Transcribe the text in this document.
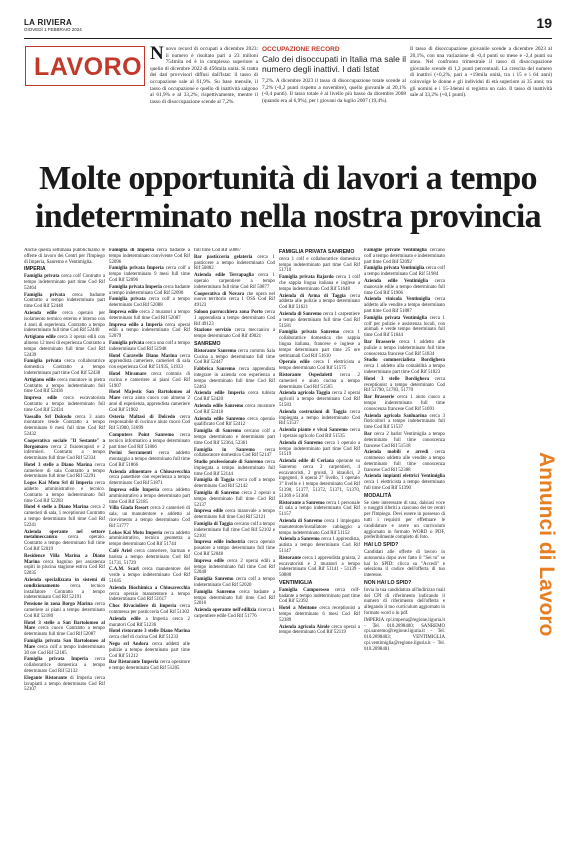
LA RIVIERA
GIOVEDÌ 1 FEBBRAIO 2024	19
LAVORO Nuovo record di occupati a dicembre 2023: il numero è risultato pari a 23 milioni 754mila ed è in complesso superiore a quello di dicembre 2022 di 456mila unità. Si tratta dei dati provvisori diffusi dall'Istat: il tasso di occupazione sale al 61,9%. Su base mensile, il tasso di occupazione e quello di inattività salgono al 61,9% e al 33,2%, rispettivamente, mentre il tasso di disoccupazione scende al 7,2%.
OCCUPAZIONE RECORD
Calo dei disoccupati in Italia ma sale il numero degli inattivi. I dati Istat
7,2%. A dicembre 2023 il tasso di disoccupazione totale scende al 7,2% (-0,2 punti rispetto a novembre), quello giovanile al 20,1% (-0,4 punti). Il tasso totale è al livello più basso da dicembre 2008 (quando era al 6,9%), per i giovani da luglio 2007 (19,4%).
Il tasso di disoccupazione giovanile scende a dicembre 2023 al 20,1%, con una variazione di -0,4 punti su mese e -2,4 punti su anno. Nel confronto trimestrale il tasso di disoccupazione giovanile scende di 1,2 punti percentuali. La crescita del numero di inattivi (+0,2%, pari a +19mila unità, tra i 15 e i 64 anni) coinvolge le donne e gli individui di età superiore ai 35 anni; tra gli uomini e i 15-34enni si registra un calo. Il tasso di inattività sale al 33,2% (+0,1 punti).
Molte opportunità di lavori a tempo indeterminato nella nostra provincia

Anche questa settimana pubblichiamo le offerte di lavoro dei Centri per l'Impiego di Imperia, Sanremo e Ventimiglia.

IMPERIA

Famiglia privata cerca colf Contratto a tempo indeterminato part time Cod Rif 52464

Famiglia privata cerca badante Contratto a tempo indeterminato part time Cod Rif 52448

Azienda edile cerca operaio per isolamento termico esterno e interno con 4 anni di esperienza. Contratto a tempo indeterminato full time Cod Rif 52440

Artigiano edile cerca 3 operai edili con almeno 12 mesi di esperienza Contratto a tempo determinato full time Cod Rif 52439

Famiglia privata cerca collaboratrice domestica Contratto a tempo indeterminato part time Cod Rif 52438

Artigiano edile cerca muratore in pietra Contratto a tempo indeterminato full time Cod Rif 52436

Impresa edile cerca escavatorista Contratto a tempo indeterminato full time Cod Rif 52434

Vassallo Srl Dolcedo cerca 3 aiuto montatore tende Contratto a tempo determinato 6 mesi full time Cod Rif 52432

Cooperativa sociale "Il Sestante" a Borgomaro cerca 2 fisioterapisti e 2 infermieri. Contratto a tempo determinato full time Cod Rif 52334

Hotel 3 stelle a Diano Marina cerca cameriere di sala Contratto a tempo determinato full time Cod Rif 52291

Logos Kai Motu Srl di Imperia cerca addetto amministrativo e tecnico. Contratto a tempo indeterminato full time Cod Rif 52283

Hotel 4 stelle a Diano Marina cerca 2 camerieri di sala, 1 receptionist Contratto a tempo determinato full time Cod Rif 52241

Azienda operante nel settore metalmeccanico cerca operaio. Contratto a tempo determinato full time Cod Rif 52019

Residence Villa Marina a Diano Marina cerca bagnino per assistenza ospiti in piscina stagione estiva Cod Rif 52035

Azienda specializzata in sistemi di condizionamento cerca tecnico installatore Contratto a tempo indeterminato Cod Rif 52191

Pensione in zona Borgo Marina cerca cameriere ai piani a tempo determinato Cod Rif 52180

Hotel 3 stelle a San Bartolomeo al Mare cerca cuoco Contratto a tempo determinato full time Cod Rif 52087

Famiglia privata San Bartolomeo al Mare cerca colf a tempo indeterminato 30 ore Cod Rif 52185

Famiglia privata Imperia cerca collaboratrice domestica a tempo determinato Cod Rif 52132

Elegante Ristorante di Imperia cerca lavapiatti a tempo determinato Cod Rif 52107

Famiglia di Imperia cerca badante a tempo indeterminato convivente Cod Rif 52096

Famiglia privata Imperia cerca colf a tempo indeterminato 9 mesi full time Cod Rif 52096

Famiglia privata Imperia cerca badante a tempo indeterminato Cod Rif 52090

Famiglia privata cerca colf a tempo determinato Cod Rif 52088

Impresa edile cerca 2 muratori a tempo determinato full time Cod Rif 52087

Impresa edile a Imperia cerca operai edili a tempo indeterminato Cod Rif 52079

Famiglia privata cerca una colf a tempo indeterminato Cod Rif 51948

Hotel Caravelle Diano Marina cerca apprendista cameriere, camerieri di sala con esperienza Cod Rif 51935, 51933

Hotel Miramare cerca commis di cucina e cameriere ai piani Cod Rif 51907

Hotel Majestic San Bartolomeo al Mare cerca aiuto cuoco con almeno 2 anni di esperienza, apprendista cameriere Cod Rif 51902

Osteria Maltasi di Dolcedo cerca responsabile di cucina e aiuto cuoco Cod Rif 51900, 51899

Computers Point Sanremo cerca tecnico informatico a tempo determinato part time Cod Rif 51866

Perini Serramenti cerca addetto montaggio a tempo determinato full time Cod Rif 51866

Azienda alimentare a Chiusavecchia cerca panettiere con esperienza a tempo determinato Cod Rif 51871

Impresa edile Imperia cerca addetto amministrativo a tempo determinato part time Cod Rif 52185

Villa Giada Resort cerca 2 camerieri di sala, un manutentore e addetto al ricevimento a tempo determinato Cod Rif 51777

Lokos Kai Motu Imperia cerca addetto amministrativo, tecnico geometra a tempo determinato Cod Rif 51744

Café Ariel cerca cameriere, barman e barista a tempo determinato Cod Rif 51731, 51729

C.A.M. Scarl cerca manutentore del verde a tempo indeterminato Cod Rif 51645

Azienda Biochimica a Chiusavecchia cerca operaio manutentore a tempo indeterminato Cod Rif 51617

Choc Rivacioliere di Imperia cerca commessa per pasticceria Cod Rif 51302

Azienda edile a Imperia cerca 2 muratori Cod Rif 51236

Hotel ristorante 3 stelle Diano Marina cerca chef di cucina Cod Rif 51233

Negu srl Andora cerca addetti alle pulizie a tempo determinato part time Cod Rif 51212

Bar Ristorante Imperia cerca operatore e tempo determinato Cod Rif 51205

full time Cod Rif 50887

Bar pasticceria gelateria cerca 1 pasticcere a tempo indeterminato Cod Rif 50882

Azienda edile Terrapaglia cerca 1 operaio carpentiere a tempo indeterminato full time Cod Rif 50877

Cooperativa di Novara che opera nel nuovo territorio cerca 1 OSS Cod Rif 49123

Saloon parrucchiera zona Porto cerca 1 apprendista a tempo determinato Cod Rif 49123

Stazione servizio cerca meccanico a tempo determinato Cod Rif 49021

SANREMO

Ristorante Sanremo cerca commis Sala Cucina a tempo determinato full time Cod Rif 52447

Fabbrica Sanremo cerca apprendista integrare in azienda con esperienza a tempo determinato full time Cod Rif 52463

Azienda edile Imperia cerca tubista Cod Rif 52420

Azienda edile Sanremo cerca muratore Cod Rif 52418

Azienda edile Sanremo cerca operaio qualificato Cod Rif 52412

Famiglia di Sanremo cercano colf a tempo determinato e determinato part time Cod Rif 52364, 52361

Famiglia in Sanremo cerca collaboratore domestico Cod Rif 52147

Studio professionale di Sanremo cerca impiegata a tempo indeterminato full time Cod Rif 52144

Famiglia di Taggia cerca colf a tempo determinato Cod Rif 52142

Famiglia di Sanremo cerca 2 operai a tempo determinato full time Cod Rif 52137

Impresa edile cerca manovale a tempo determinato full time Cod Rif 52121

Famiglia di Taggia cercano colf a tempo indeterminato full time Cod Rif 52102 e 52101

Impresa edile industria cerca operaio posatore a tempo determinato full time Cod Rif 52048

Impresa edile cerca 2 operai edili a tempo indeterminato full time Cod Rif 52040

Famiglia Sanremo cerca colf a tempo indeterminato Cod Rif 52020

Famiglia Sanremo cerca badante a tempo determinato full time Cod Rif 52016

Azienda operante nell'edilizia ricerca 1 carpentiere edile Cod Rif 51776

FAMIGLIA PRIVATA SANREMO

cerca 1 colf e collaboratrice domestica tempo indeterminato part time Cod Rif 51710

Famiglia privata Bajardo cerca 1 colf che sappia lingua italiana e inglese a tempo indeterminato Cod Rif 51648

Azienda di Arma di Taggia cerca addetta alle pulizie a tempo determinato Cod Rif 51621

Azienda di Sanremo cerca 1 carpentiere a tempo determinato full time Cod Rif 51581

Famiglia privata Sanremo cerca 1 collaboratrice domestica che sappia lingua italiana, francese e inglese a tempo determinato part time 25 ore settimanali Cod Rif 51610

Operaio edile cerca 1 elettricista a tempo determinato Cod Rif 51575

Ristorante Ospedaletti cerca 2 camerieri e aiuto cucina a tempo determinato Cod Rif 51565

Azienda agricola Taggia cerca 2 operai agricoli a tempo determinato Cod Rif 51583

Azienda costruzioni di Taggia cerca impiegata a tempo indeterminato Cod Rif 51537

Azienda piante e vivai Sanremo cerca 1 operaio agricolo Cod Rif 51535

Azienda di Sanremo cerca 1 operaio a tempo indeterminato part time Cod Rif 51519

Azienda edile di Ceriana operante su Sanremo cerca 3 carpentieri, 4 escavatoristi, 2 gruisti, 3 idraulici, 2 ingegneri, 6 operai 2° livello, 1 operaio 3° livello e 1 tempo determinato Cod Rif 51390, 51377, 51372, 51371, 51370, 51369 e 51368

Ristorante a Sanremo cerca 1 personale di sala a tempo indeterminato Cod Rif 51157

Azienda di Sanremo cerca 1 impiegato manutentore/installatore cablaggio a tempo indeterminato Cod Rif 51152

Azienda a Sanremo cerca 1 apprendista, autista a tempo determinato Cod Rif 51147

Ristorante cerca 1 apprendista gruista, 2 escavatoristi e 2 muratori a tempo indeterminato Cod Rif 51141 - 51139 - 50880

VENTIMIGLIA

Famiglia Camporosso cerca colf-badante a tempo indeterminato part time Cod Rif 52392

Hotel a Mentone cerca receptionist a tempo determinato 6 mesi Cod Rif 52389

Azienda agricola Airole cerca operai a tempo determinato Cod Rif 52119

Famiglie private Ventimiglia cercano colf a tempo determinato e indeterminato part time Cod Rif 52092

Famiglia privata Ventimiglia cerca colf a tempo indeterminato Cod Rif 51984

Azienda edile Ventimiglia cerca manovale edile a tempo determinato full time Cod Rif 51906

Azienda vinicola Ventimiglia cerca addetto alle vendite a tempo determinato part time Cod Rif 51887

Famiglia privata Ventimiglia cerca 1 colf per pulizie e assistenza locali, con animali e verde tempo determinato full time Cod Rif 51844

Bar Brasserie cerca 1 addetto alle pulizie a tempo indeterminato full time conoscenza francese Cod Rif 51834

Studio commercialista Bordighera cerca 1 addetto alla contabilità a tempo indeterminato part time Cod Rif 51823

Hotel 3 stelle Bordighera cerca receptionist a tempo determinato Cod Rif 51790, 51783, 51770

Bar Brasserie cerca 1 aiuto cuoco a tempo indeterminato full time conoscenza francese Cod Rif 51691

Azienda agricola Sanluarina cerca 3 floricoltori a tempo indeterminato full time Cod Rif 51537

Bar cerca 2 barist Ventimiglia a tempo determinato full time conoscenza francese Cod Rif 51518

Azienda mobili e arredi cerca commesso addetto alle vendite a tempo determinato full time conoscenza francese Cod Rif 52388

Azienda impianti elettrici Ventimiglia cerca 1 elettricista a tempo determinato full time Cod Rif 51390

MODALITÀ

Se siete interessate di una, dalsiasi voce o ruoggiti riferiti a ciascuno dei tre centri per l'Impiego. Devi essere in possesso di tutti i requisiti per effettuare le candidature e avere un curriculum aggiornato in formato WORD o PDF, preferibilmente completo di foto.

HAI LO SPID?

Candidati alle offerte di lavoro in autonomia dopo aver fatto il "Sei tu" se hai lo SPID: clicca su "Accedi" e seleziona il codice dell'offerta di tuo interesse.

NON HAI LO SPID?

Invia la tua candidatura all'indirizzo mail del CPI di riferimento indicando il numero di riferimento dell'offerta e allegando il tuo curriculum aggiornato in formato word o in pdf.

IMPERIA cpi.imperia@regione.liguria.it - Tel. 010.2898400; SANREMO cpi.sanremo@regione.liguria.it - Tel. 010.2898403; VENTIMIGLIA cpi.ventimiglia@regione.liguria.it - Tel. 010.2898401

Annunci di Lavoro
